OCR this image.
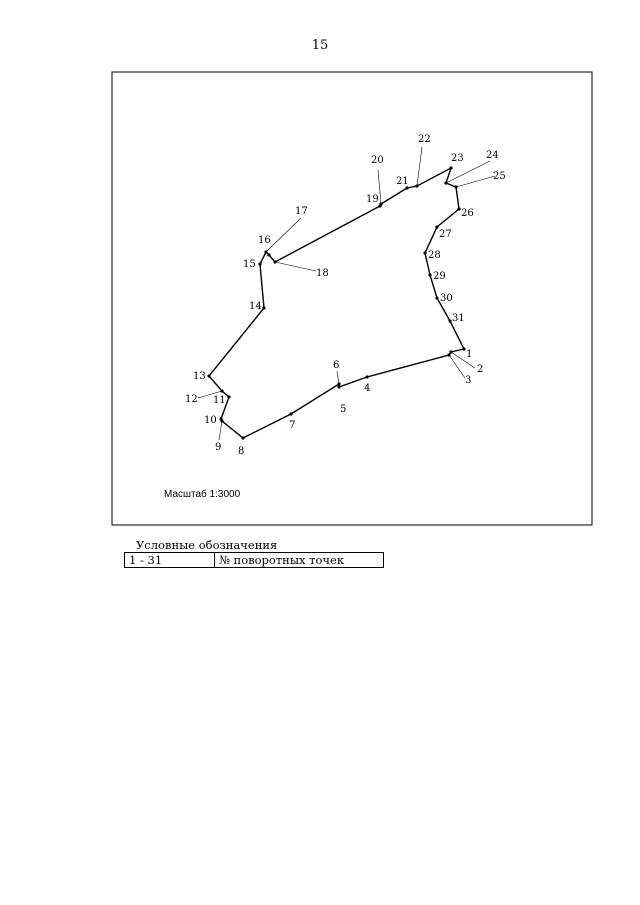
15
1
2
3
4
5
6
7
8
9
10
11
12
13
14
15
16
17
18
19
20
21
22
23 24
25
26
27
28
29
30
31
Масштаб 1:3000
Условные обозначения
1 - 31	№ поворотных точек
